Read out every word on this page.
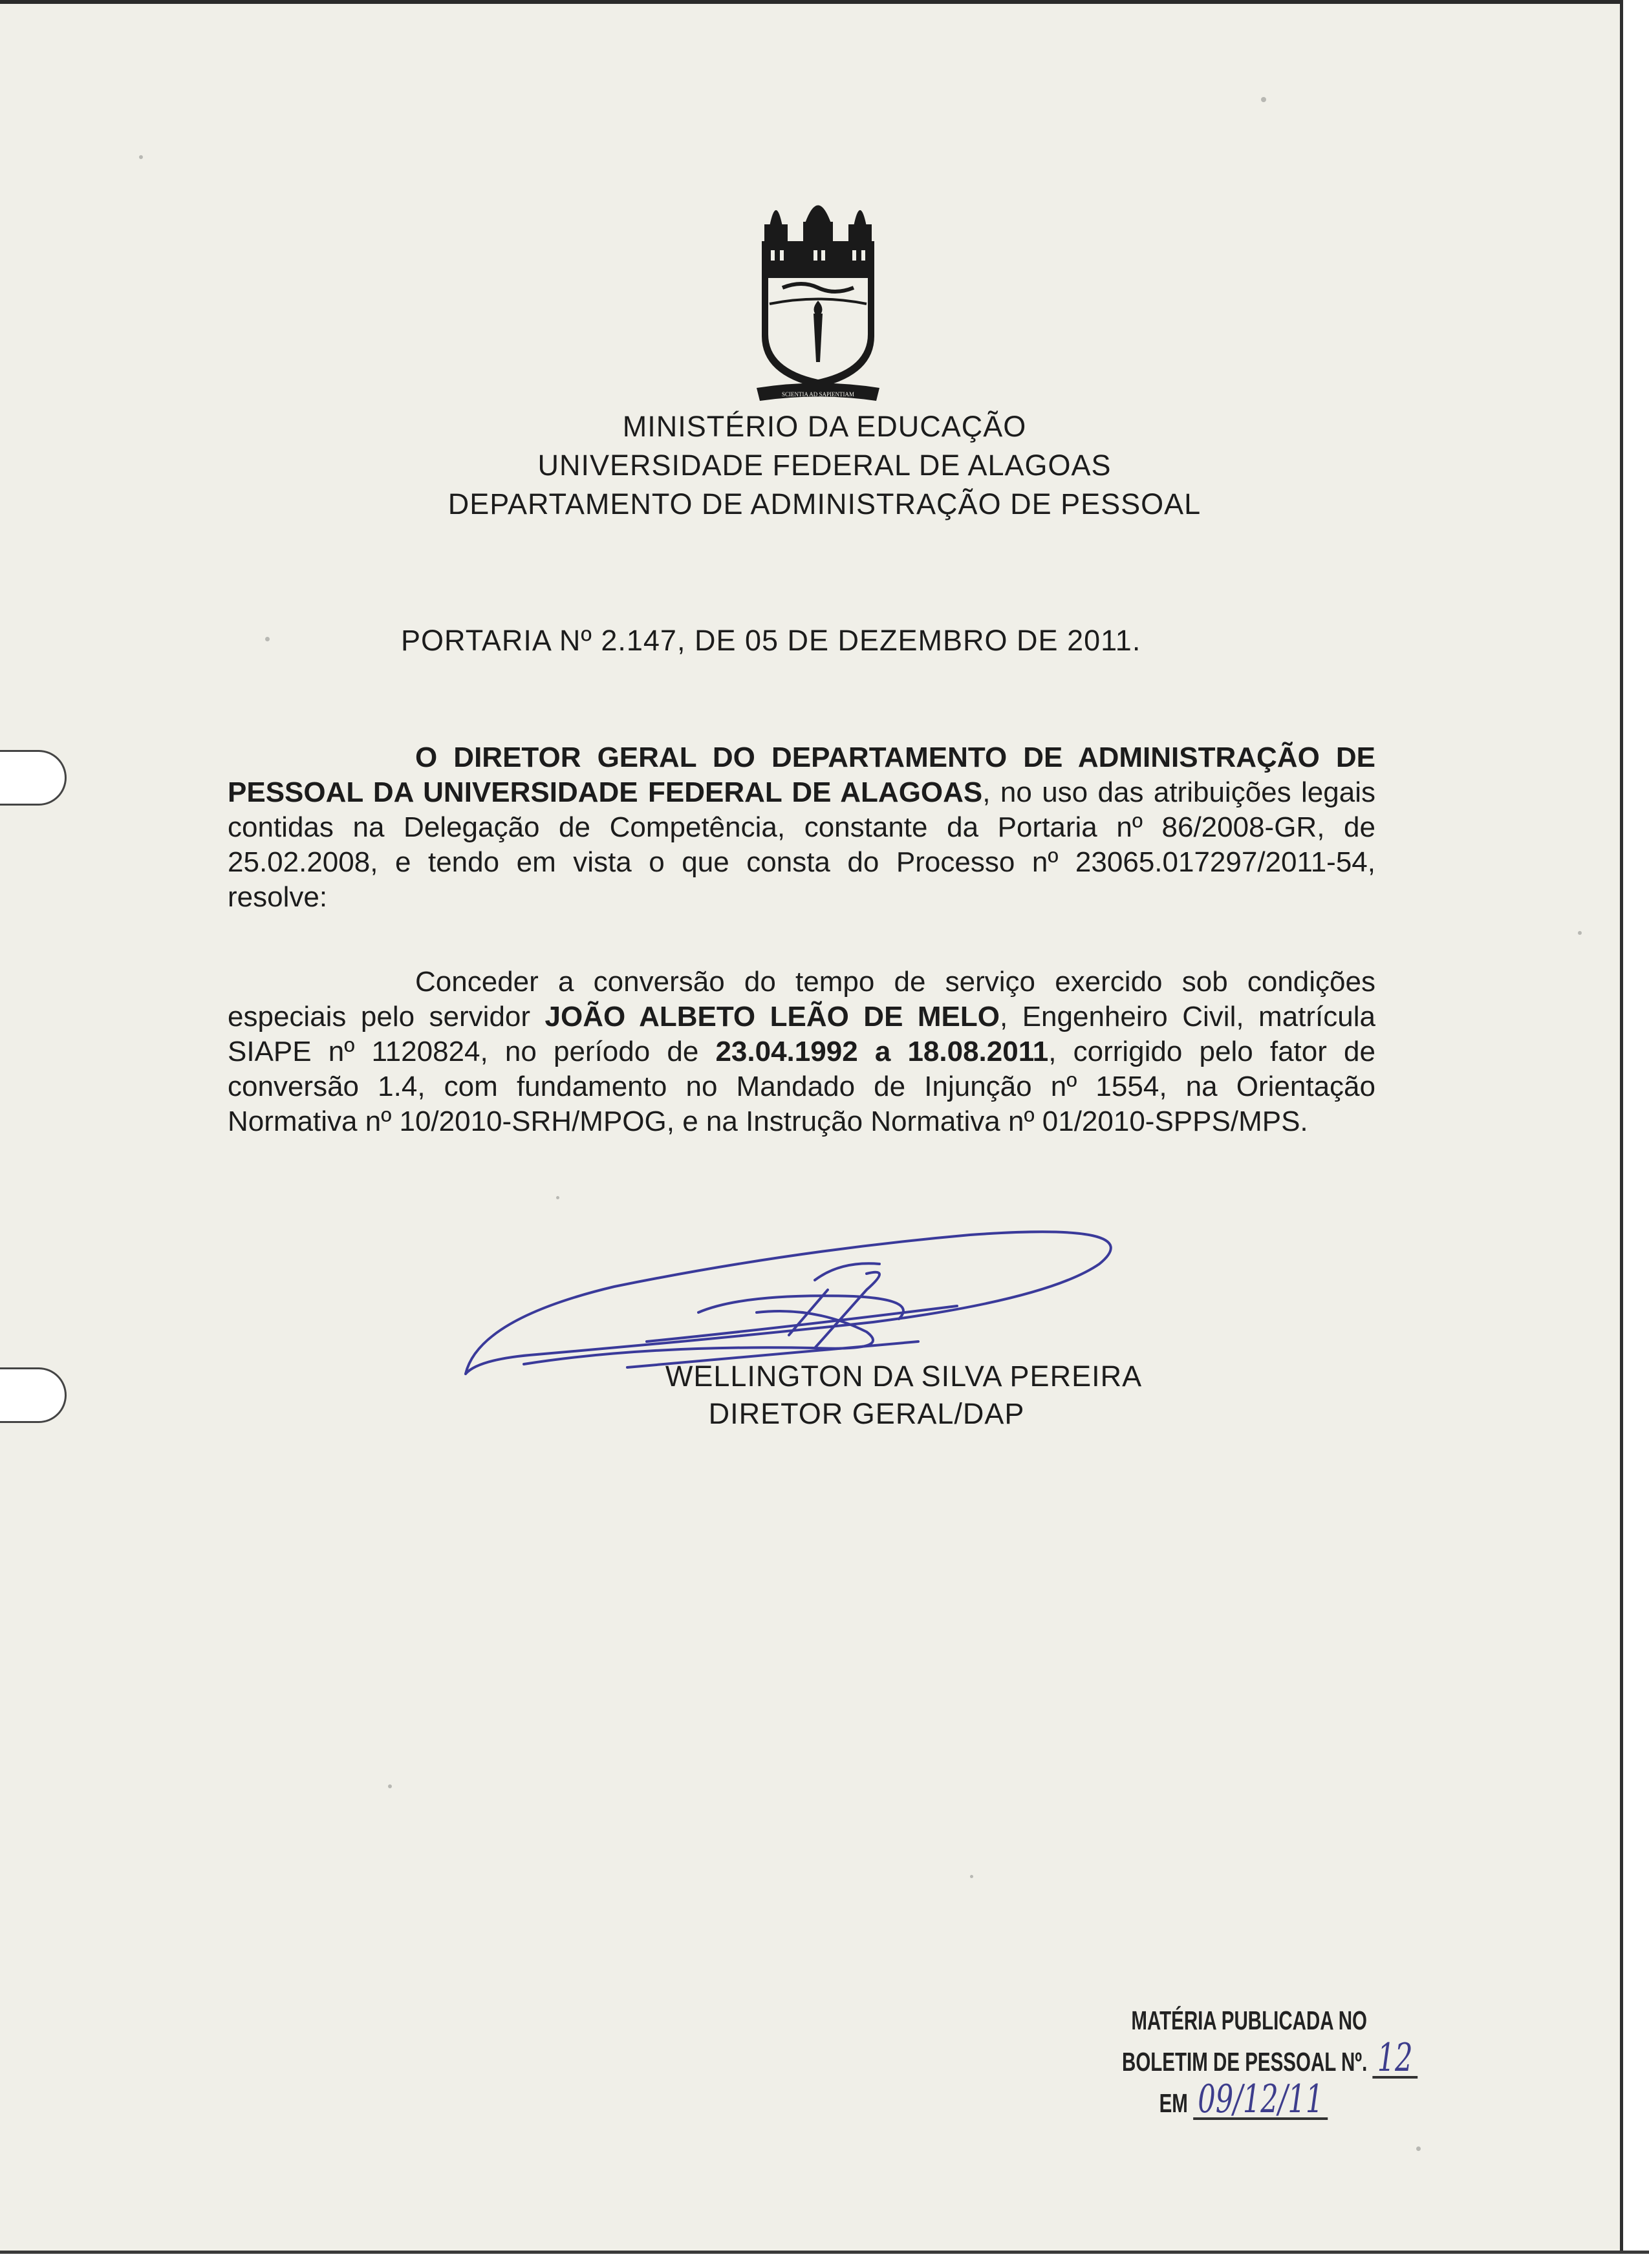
SCIENTIA AD SAPIENTIAM
MINISTÉRIO DA EDUCAÇÃO
UNIVERSIDADE FEDERAL DE ALAGOAS
DEPARTAMENTO DE ADMINISTRAÇÃO DE PESSOAL
PORTARIA Nº 2.147, DE 05 DE DEZEMBRO DE 2011.
O DIRETOR GERAL DO DEPARTAMENTO DE ADMINISTRAÇÃO DE PESSOAL DA UNIVERSIDADE FEDERAL DE ALAGOAS, no uso das atribuições legais contidas na Delegação de Competência, constante da Portaria nº 86/2008-GR, de 25.02.2008, e tendo em vista o que consta do Processo nº 23065.017297/2011-54, resolve:
Conceder a conversão do tempo de serviço exercido sob condições especiais pelo servidor JOÃO ALBETO LEÃO DE MELO, Engenheiro Civil, matrícula SIAPE nº 1120824, no período de 23.04.1992 a 18.08.2011, corrigido pelo fator de conversão 1.4, com fundamento no Mandado de Injunção nº 1554, na Orientação Normativa nº 10/2010-SRH/MPOG, e na Instrução Normativa nº 01/2010-SPPS/MPS.
WELLINGTON DA SILVA PEREIRA
DIRETOR GERAL/DAP
MATÉRIA PUBLICADA NO
BOLETIM DE PESSOAL Nº. 12
EM 09/12/11
